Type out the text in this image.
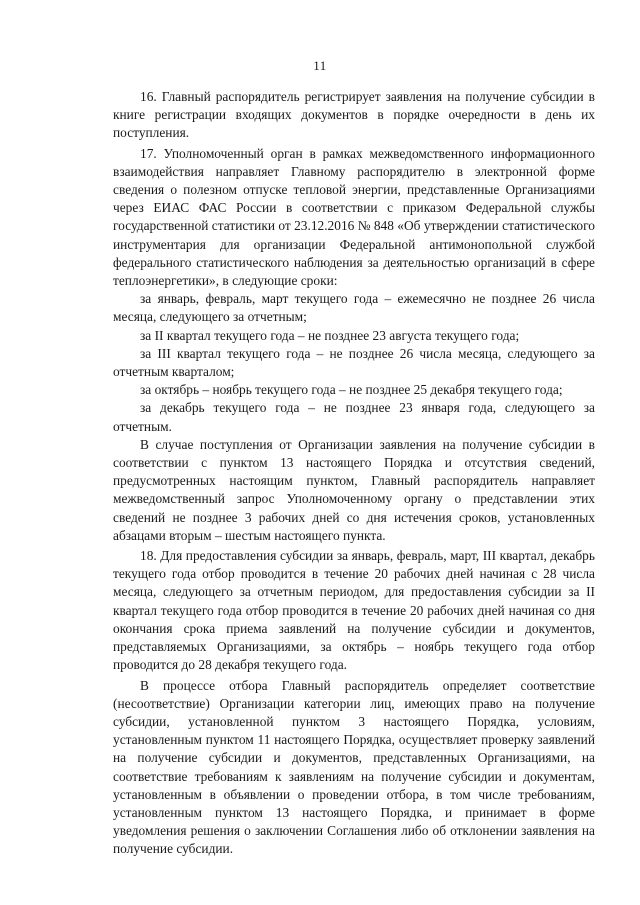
11

16. Главный распорядитель регистрирует заявления на получение субсидии в книге регистрации входящих документов в порядке очередности в день их поступления.

17. Уполномоченный орган в рамках межведомственного информационного взаимодействия направляет Главному распорядителю в электронной форме сведения о полезном отпуске тепловой энергии, представленные Организациями через ЕИАС ФАС России в соответствии с приказом Федеральной службы государственной статистики от 23.12.2016 № 848 «Об утверждении статистического инструментария для организации Федеральной антимонопольной службой федерального статистического наблюдения за деятельностью организаций в сфере теплоэнергетики», в следующие сроки:

за январь, февраль, март текущего года – ежемесячно не позднее 26 числа месяца, следующего за отчетным;

за II квартал текущего года – не позднее 23 августа текущего года;

за III квартал текущего года – не позднее 26 числа месяца, следующего за отчетным кварталом;

за октябрь – ноябрь текущего года – не позднее 25 декабря текущего года;

за декабрь текущего года – не позднее 23 января года, следующего за отчетным.

В случае поступления от Организации заявления на получение субсидии в соответствии с пунктом 13 настоящего Порядка и отсутствия сведений, предусмотренных настоящим пунктом, Главный распорядитель направляет межведомственный запрос Уполномоченному органу о представлении этих сведений не позднее 3 рабочих дней со дня истечения сроков, установленных абзацами вторым – шестым настоящего пункта.

18. Для предоставления субсидии за январь, февраль, март, III квартал, декабрь текущего года отбор проводится в течение 20 рабочих дней начиная с 28 числа месяца, следующего за отчетным периодом, для предоставления субсидии за II квартал текущего года отбор проводится в течение 20 рабочих дней начиная со дня окончания срока приема заявлений на получение субсидии и документов, представляемых Организациями, за октябрь – ноябрь текущего года отбор проводится до 28 декабря текущего года.

В процессе отбора Главный распорядитель определяет соответствие (несоответствие) Организации категории лиц, имеющих право на получение субсидии, установленной пунктом 3 настоящего Порядка, условиям, установленным пунктом 11 настоящего Порядка, осуществляет проверку заявлений на получение субсидии и документов, представленных Организациями, на соответствие требованиям к заявлениям на получение субсидии и документам, установленным в объявлении о проведении отбора, в том числе требованиям, установленным пунктом 13 настоящего Порядка, и принимает в форме уведомления решения о заключении Соглашения либо об отклонении заявления на получение субсидии.
